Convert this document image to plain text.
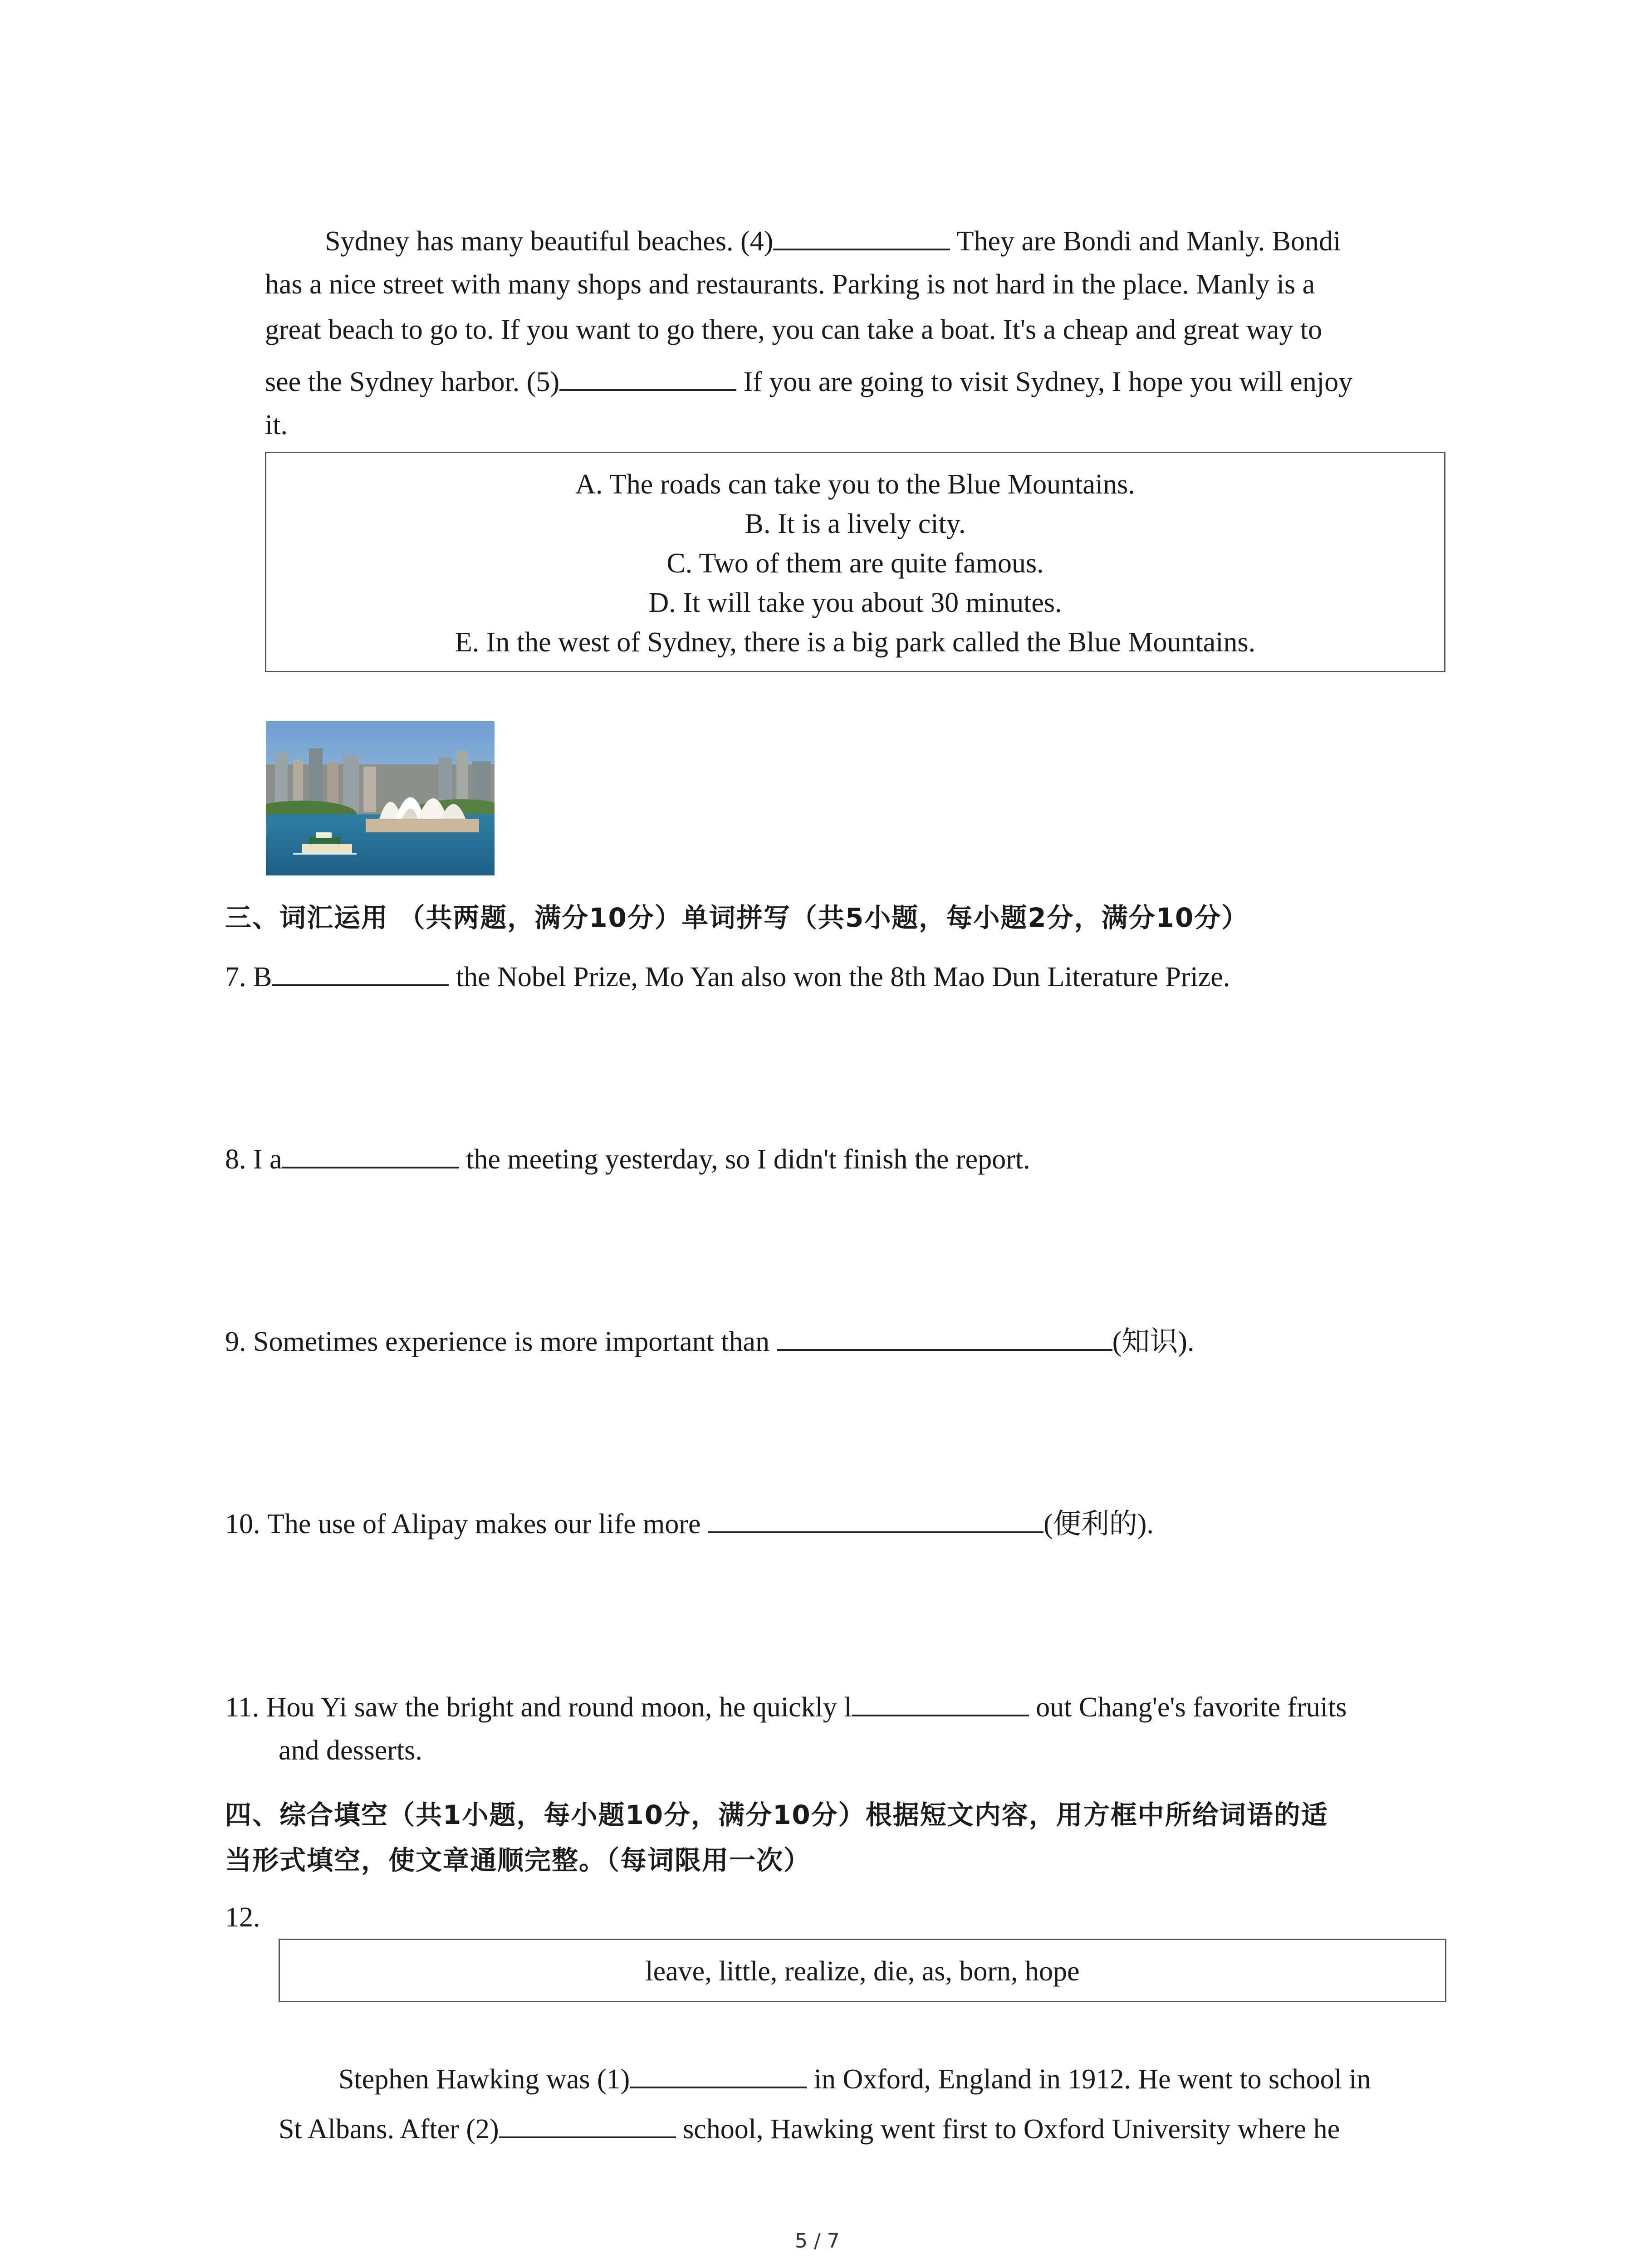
Sydney has many beautiful beaches. (4)	They are Bondi and Manly. Bondi
has a nice street with many shops and restaurants. Parking is not hard in the place. Manly is a
great beach to go to. If you want to go there, you can take a boat. It's a cheap and great way to
see the Sydney harbor. (5)	If you are going to visit Sydney, I hope you will enjoy
it.
A. The roads can take you to the Blue Mountains.
B. It is a lively city.
C. Two of them are quite famous.
D. It will take you about 30 minutes.
E. In the west of Sydney, there is a big park called the Blue Mountains.
三、词汇运用 （共两题，满分10分）单词拼写（共5小题，每小题2分，满分10分）
7. B	the Nobel Prize, Mo Yan also won the 8th Mao Dun Literature Prize.
8. I a	the meeting yesterday, so I didn't finish the report.
9. Sometimes experience is more important than	(知识).
10. The use of Alipay makes our life more	(便利的).
11. Hou Yi saw the bright and round moon, he quickly l	out Chang'e's favorite fruits
and desserts.
四、综合填空（共1小题，每小题10分，满分10分）根据短文内容，用方框中所给词语的适
当形式填空，使文章通顺完整。（每词限用一次）
12.
leave, little, realize, die, as, born, hope
Stephen Hawking was (1)	in Oxford, England in 1912. He went to school in
St Albans. After (2)	school, Hawking went first to Oxford University where he
5 / 7
